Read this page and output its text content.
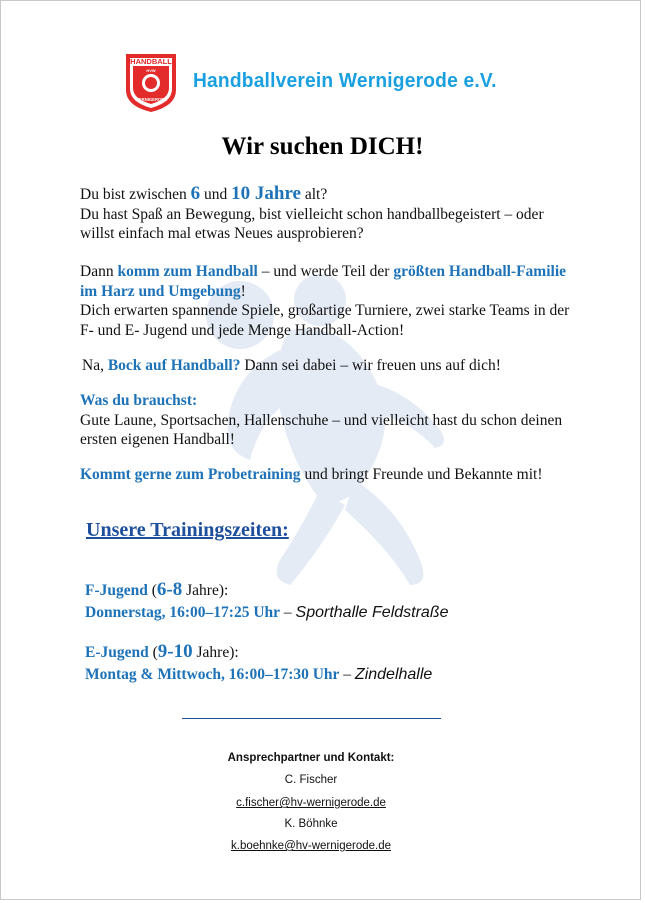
HANDBALL
HVW
WERNIGERODE
Handballverein Wernigerode e.V.
Wir suchen DICH!
Du bist zwischen 6 und 10 Jahre alt?
Du hast Spaß an Bewegung, bist vielleicht schon handballbegeistert – oder willst einfach mal etwas Neues ausprobieren?
Dann komm zum Handball – und werde Teil der größten Handball-Familie im Harz und Umgebung!
Dich erwarten spannende Spiele, großartige Turniere, zwei starke Teams in der F- und E- Jugend und jede Menge Handball-Action!
Na, Bock auf Handball? Dann sei dabei – wir freuen uns auf dich!
Was du brauchst:
Gute Laune, Sportsachen, Hallenschuhe – und vielleicht hast du schon deinen ersten eigenen Handball!
Kommt gerne zum Probetraining und bringt Freunde und Bekannte mit!
Unsere Trainingszeiten:
F-Jugend (6-8 Jahre):
Donnerstag, 16:00–17:25 Uhr – Sporthalle Feldstraße
E-Jugend (9-10 Jahre):
Montag & Mittwoch, 16:00–17:30 Uhr – Zindelhalle
Ansprechpartner und Kontakt:
C. Fischer
c.fischer@hv-wernigerode.de
K. Böhnke
k.boehnke@hv-wernigerode.de
